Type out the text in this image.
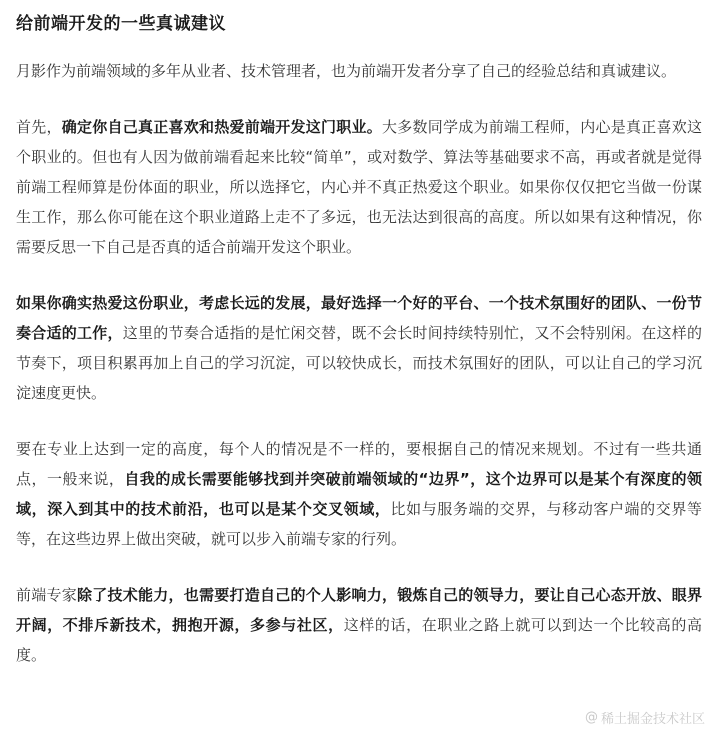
给前端开发的一些真诚建议

月影作为前端领域的多年从业者、技术管理者，也为前端开发者分享了自己的经验总结和真诚建议。

首先，确定你自己真正喜欢和热爱前端开发这门职业。大多数同学成为前端工程师，内心是真正喜欢这个职业的。但也有人因为做前端看起来比较“简单”，或对数学、算法等基础要求不高，再或者就是觉得前端工程师算是份体面的职业，所以选择它，内心并不真正热爱这个职业。如果你仅仅把它当做一份谋生工作，那么你可能在这个职业道路上走不了多远，也无法达到很高的高度。所以如果有这种情况，你需要反思一下自己是否真的适合前端开发这个职业。

如果你确实热爱这份职业，考虑长远的发展，最好选择一个好的平台、一个技术氛围好的团队、一份节奏合适的工作，这里的节奏合适指的是忙闲交替，既不会长时间持续特别忙，又不会特别闲。在这样的节奏下，项目积累再加上自己的学习沉淀，可以较快成长，而技术氛围好的团队，可以让自己的学习沉淀速度更快。

要在专业上达到一定的高度，每个人的情况是不一样的，要根据自己的情况来规划。不过有一些共通点，一般来说，自我的成长需要能够找到并突破前端领域的“边界”，这个边界可以是某个有深度的领域，深入到其中的技术前沿，也可以是某个交叉领域，比如与服务端的交界，与移动客户端的交界等等，在这些边界上做出突破，就可以步入前端专家的行列。

前端专家除了技术能力，也需要打造自己的个人影响力，锻炼自己的领导力，要让自己心态开放、眼界开阔，不排斥新技术，拥抱开源，多参与社区，这样的话，在职业之路上就可以到达一个比较高的高度。

@ 稀土掘金技术社区
